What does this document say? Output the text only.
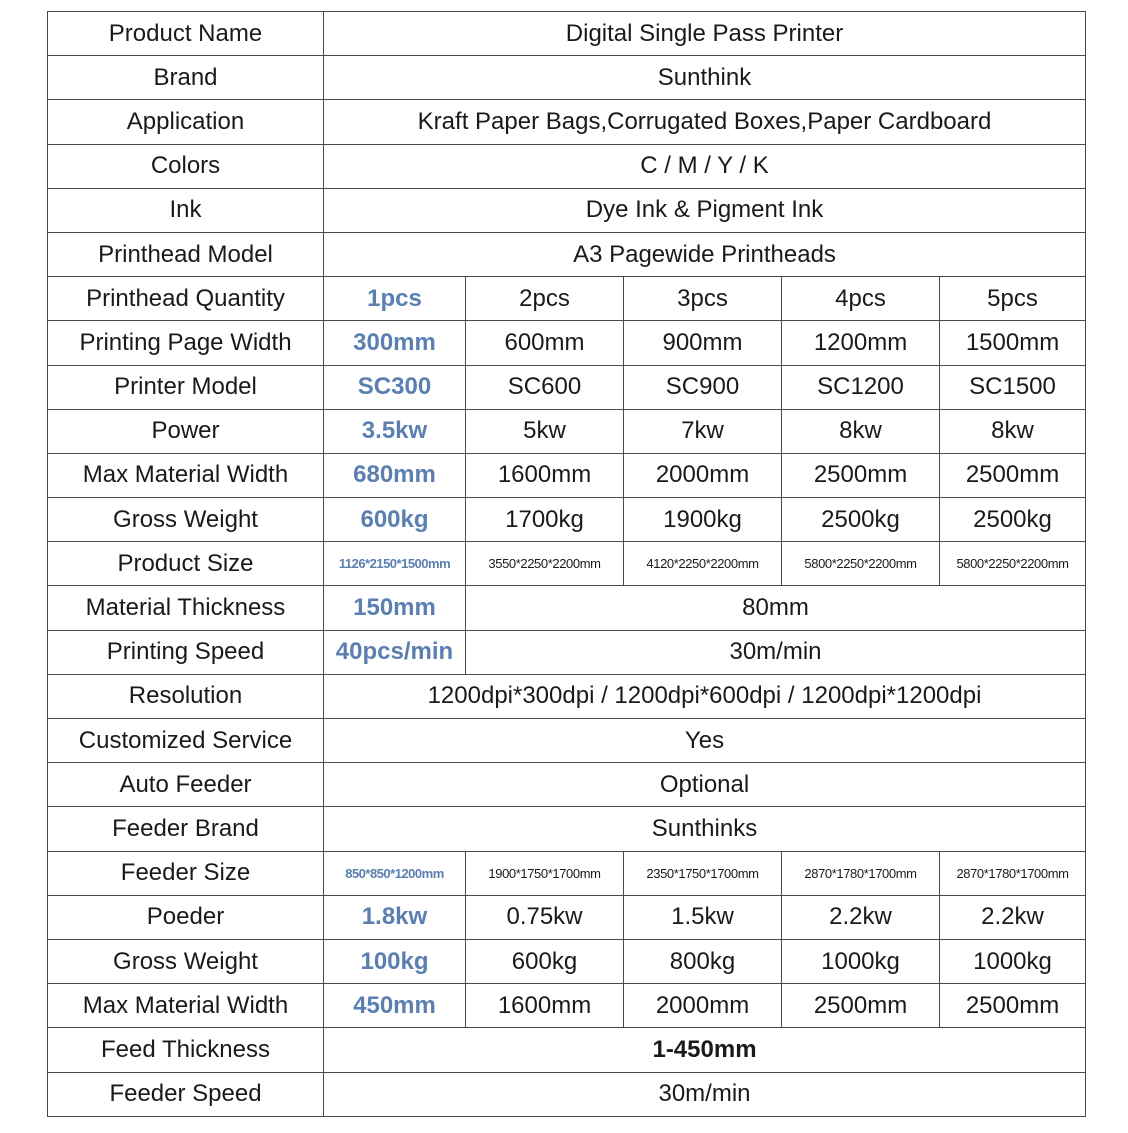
Product Name	Digital Single Pass Printer				
Brand	Sunthink				
Application	Kraft Paper Bags,Corrugated Boxes,Paper Cardboard				
Colors	C / M / Y / K				
Ink	Dye Ink & Pigment Ink				
Printhead Model	A3 Pagewide Printheads				
Printhead Quantity	1pcs	2pcs	3pcs	4pcs	5pcs
Printing Page Width	300mm	600mm	900mm	1200mm	1500mm
Printer Model	SC300	SC600	SC900	SC1200	SC1500
Power	3.5kw	5kw	7kw	8kw	8kw
Max Material Width	680mm	1600mm	2000mm	2500mm	2500mm
Gross Weight	600kg	1700kg	1900kg	2500kg	2500kg
Product Size	1126*2150*1500mm	3550*2250*2200mm	4120*2250*2200mm	5800*2250*2200mm	5800*2250*2200mm
Material Thickness	150mm	80mm			
Printing Speed	40pcs/min	30m/min			
Resolution	1200dpi*300dpi / 1200dpi*600dpi / 1200dpi*1200dpi				
Customized Service	Yes				
Auto Feeder	Optional				
Feeder Brand	Sunthinks				
Feeder Size	850*850*1200mm	1900*1750*1700mm	2350*1750*1700mm	2870*1780*1700mm	2870*1780*1700mm
Poeder	1.8kw	0.75kw	1.5kw	2.2kw	2.2kw
Gross Weight	100kg	600kg	800kg	1000kg	1000kg
Max Material Width	450mm	1600mm	2000mm	2500mm	2500mm
Feed Thickness	1-450mm				
Feeder Speed	30m/min				
